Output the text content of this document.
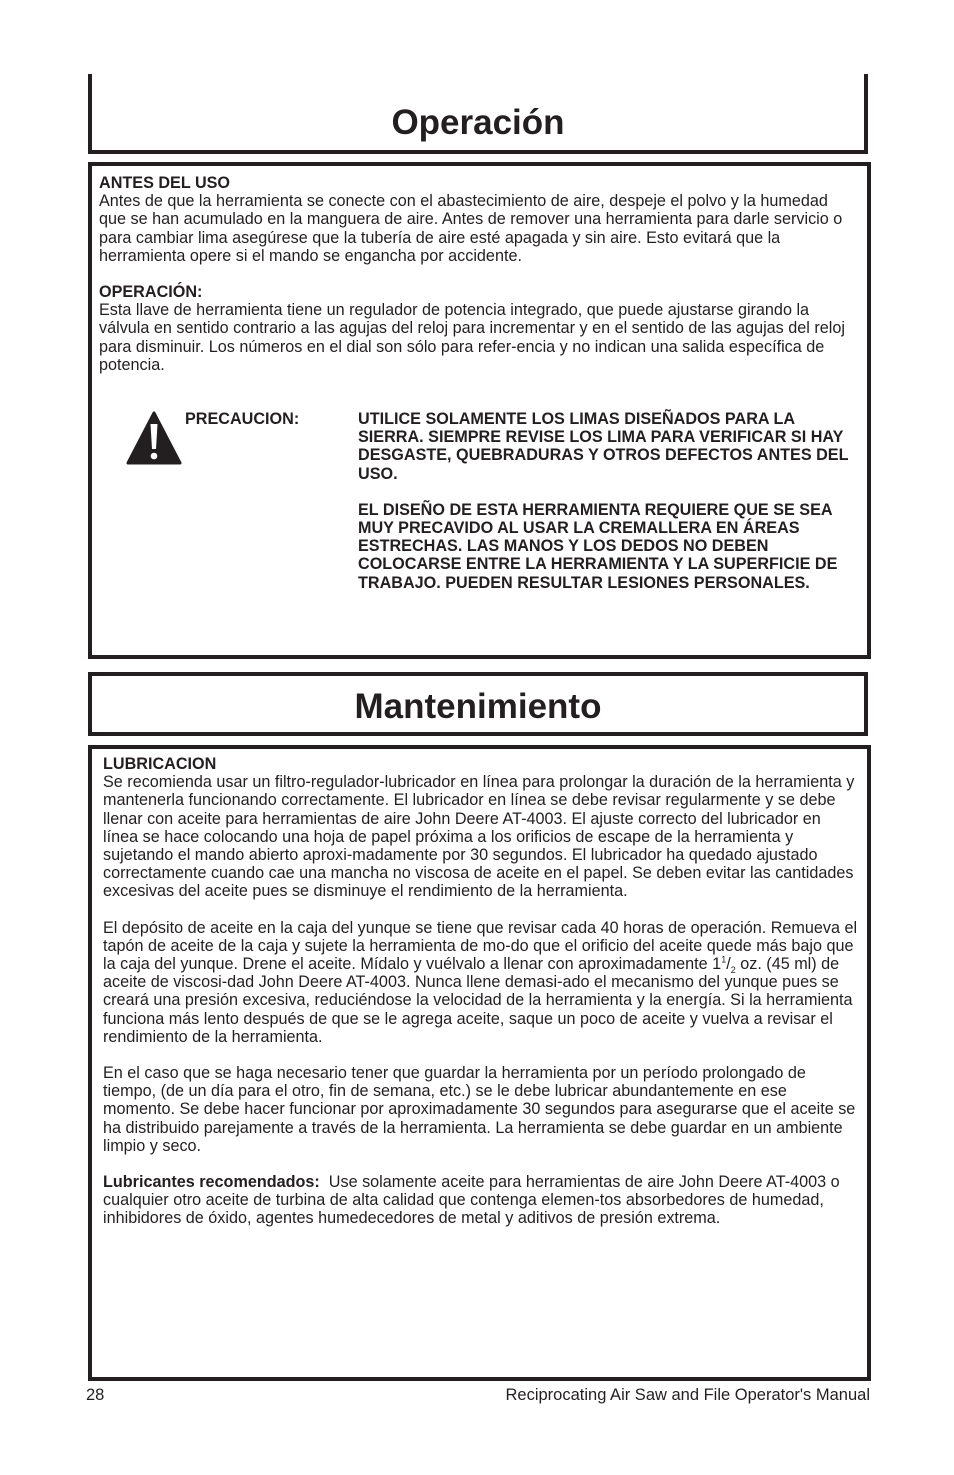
Operación
ANTES DEL USO

Antes de que la herramienta se conecte con el abastecimiento de aire, despeje el polvo y la humedad que se han acumulado en la manguera de aire. Antes de remover una herramienta para darle servicio o para cambiar lima asegúrese que la tubería de aire esté apagada y sin aire. Esto evitará que la herramienta opere si el mando se engancha por accidente.

OPERACIÓN:

Esta llave de herramienta tiene un regulador de potencia integrado, que puede ajustarse girando la válvula en sentido contrario a las agujas del reloj para incrementar y en el sentido de las agujas del reloj para disminuir. Los números en el dial son sólo para refer-encia y no indican una salida específica de potencia.

PRECAUCION:	UTILICE SOLAMENTE LOS LIMAS DISEÑADOS PARA LA SIERRA. SIEMPRE REVISE LOS LIMA PARA VERIFICAR SI HAY DESGASTE, QUEBRADURAS Y OTROS DEFECTOS ANTES DEL USO.

EL DISEÑO DE ESTA HERRAMIENTA REQUIERE QUE SE SEA MUY PRECAVIDO AL USAR LA CREMALLERA EN ÁREAS ESTRECHAS. LAS MANOS Y LOS DEDOS NO DEBEN COLOCARSE ENTRE LA HERRAMIENTA Y LA SUPERFICIE DE TRABAJO. PUEDEN RESULTAR LESIONES PERSONALES.

Mantenimiento
LUBRICACION

Se recomienda usar un filtro-regulador-lubricador en línea para prolongar la duración de la herramienta y mantenerla funcionando correctamente. El lubricador en línea se debe revisar regularmente y se debe llenar con aceite para herramientas de aire John Deere AT-4003. El ajuste correcto del lubricador en línea se hace colocando una hoja de papel próxima a los orificios de escape de la herramienta y sujetando el mando abierto aproxi-madamente por 30 segundos. El lubricador ha quedado ajustado correctamente cuando cae una mancha no viscosa de aceite en el papel. Se deben evitar las cantidades excesivas del aceite pues se disminuye el rendimiento de la herramienta.

El depósito de aceite en la caja del yunque se tiene que revisar cada 40 horas de operación. Remueva el tapón de aceite de la caja y sujete la herramienta de mo-do que el orificio del aceite quede más bajo que la caja del yunque. Drene el aceite. Mídalo y vuélvalo a llenar con aproximadamente $1^1/_2$ oz. (45 ml) de aceite de viscosi-dad John Deere AT-4003. Nunca llene demasi-ado el mecanismo del yunque pues se creará una presión excesiva, reduciéndose la velocidad de la herramienta y la energía. Si la herramienta funciona más lento después de que se le agrega aceite, saque un poco de aceite y vuelva a revisar el rendimiento de la herramienta.

En el caso que se haga necesario tener que guardar la herramienta por un período prolongado de tiempo, (de un día para el otro, fin de semana, etc.) se le debe lubricar abundantemente en ese momento. Se debe hacer funcionar por aproximadamente 30 segundos para asegurarse que el aceite se ha distribuido parejamente a través de la herramienta. La herramienta se debe guardar en un ambiente limpio y seco.

Lubricantes recomendados: Use solamente aceite para herramientas de aire John Deere AT-4003 o cualquier otro aceite de turbina de alta calidad que contenga elemen-tos absorbedores de humedad, inhibidores de óxido, agentes humedecedores de metal y aditivos de presión extrema.

28	Reciprocating Air Saw and File Operator's Manual
